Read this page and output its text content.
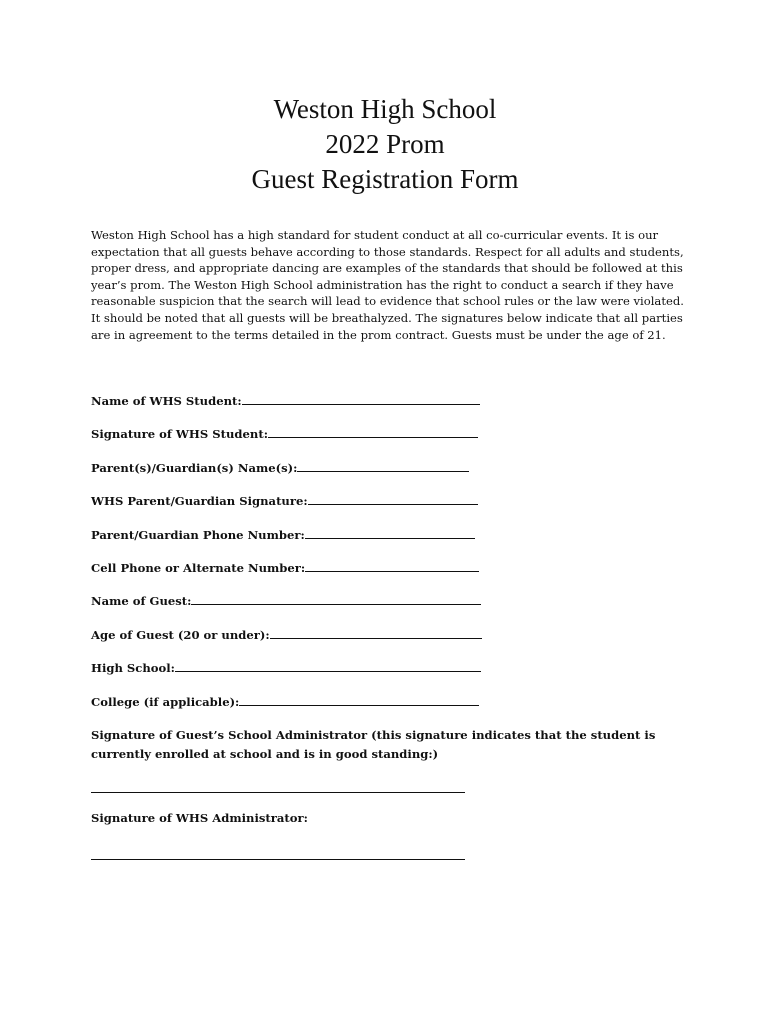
Weston High School
2022 Prom
Guest Registration Form

Weston High School has a high standard for student conduct at all co-curricular events. It is our expectation that all guests behave according to those standards. Respect for all adults and students, proper dress, and appropriate dancing are examples of the standards that should be followed at this year’s prom. The Weston High School administration has the right to conduct a search if they have reasonable suspicion that the search will lead to evidence that school rules or the law were violated.

It should be noted that all guests will be breathalyzed. The signatures below indicate that all parties are in agreement to the terms detailed in the prom contract. Guests must be under the age of 21.

Name of WHS Student:
Signature of WHS Student:
Parent(s)/Guardian(s) Name(s):
WHS Parent/Guardian Signature:
Parent/Guardian Phone Number:
Cell Phone or Alternate Number:
Name of Guest:
Age of Guest (20 or under):
High School:
College (if applicable):
Signature of Guest’s School Administrator (this signature indicates that the student is currently enrolled at school and is in good standing:)
Signature of WHS Administrator:
